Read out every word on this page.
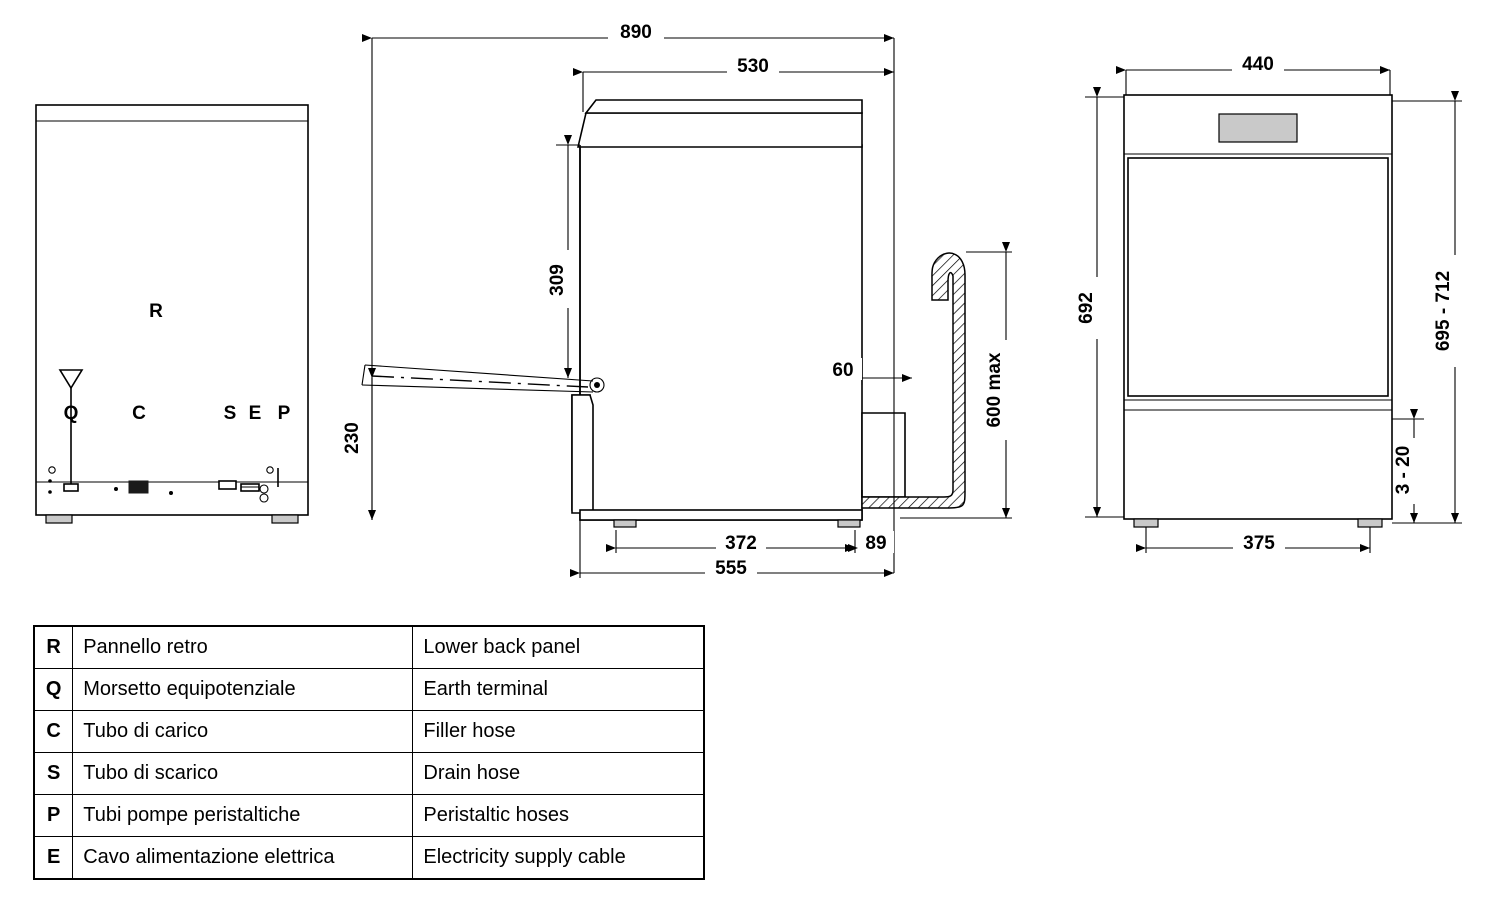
R
Q	C	S E P
890
530
309
230
60	600 max
372	89
555
440
692	695 - 712
3 - 20
375
R	Pannello retro	Lower back panel
Q	Morsetto equipotenziale	Earth terminal
C	Tubo di carico	Filler hose
S	Tubo di scarico	Drain hose
P	Tubi pompe peristaltiche	Peristaltic hoses
E	Cavo alimentazione elettrica	Electricity supply cable
